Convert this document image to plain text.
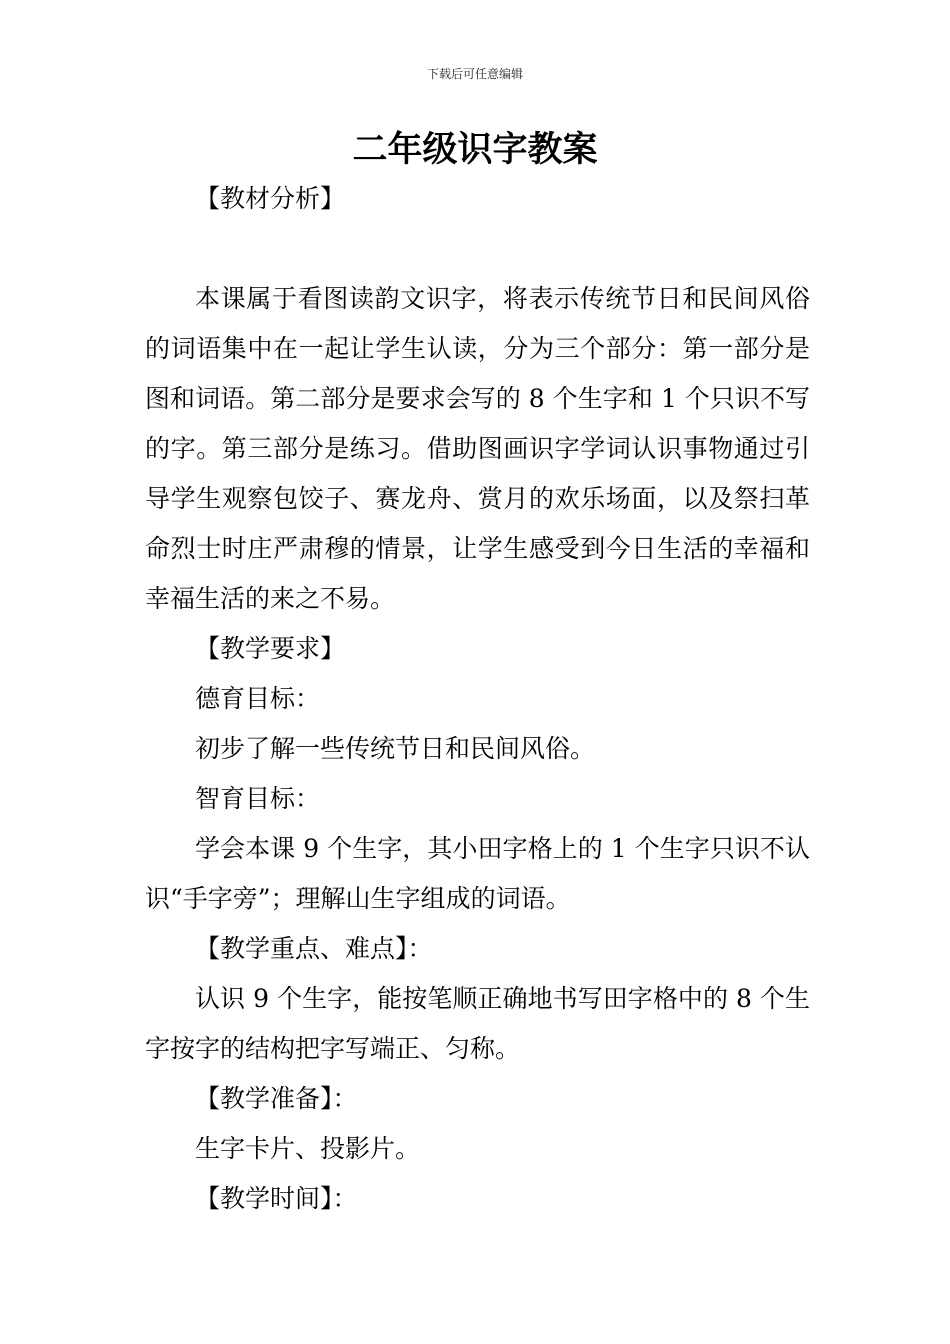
下载后可任意编辑
二年级识字教案

【教材分析】

本课属于看图读韵文识字，将表示传统节日和民间风俗的词语集中在一起让学生认读，分为三个部分：第一部分是图和词语。第二部分是要求会写的 8 个生字和 1 个只识不写的字。第三部分是练习。借助图画识字学词认识事物通过引导学生观察包饺子、赛龙舟、赏月的欢乐场面，以及祭扫革命烈士时庄严肃穆的情景，让学生感受到今日生活的幸福和幸福生活的来之不易。

【教学要求】

德育目标：

初步了解一些传统节日和民间风俗。

智育目标：

学会本课 9 个生字，其小田字格上的 1 个生字只识不认识“手字旁”；理解山生字组成的词语。

【教学重点、难点】：

认识 9 个生字，能按笔顺正确地书写田字格中的 8 个生字按字的结构把字写端正、匀称。

【教学准备】：

生字卡片、投影片。

【教学时间】：
